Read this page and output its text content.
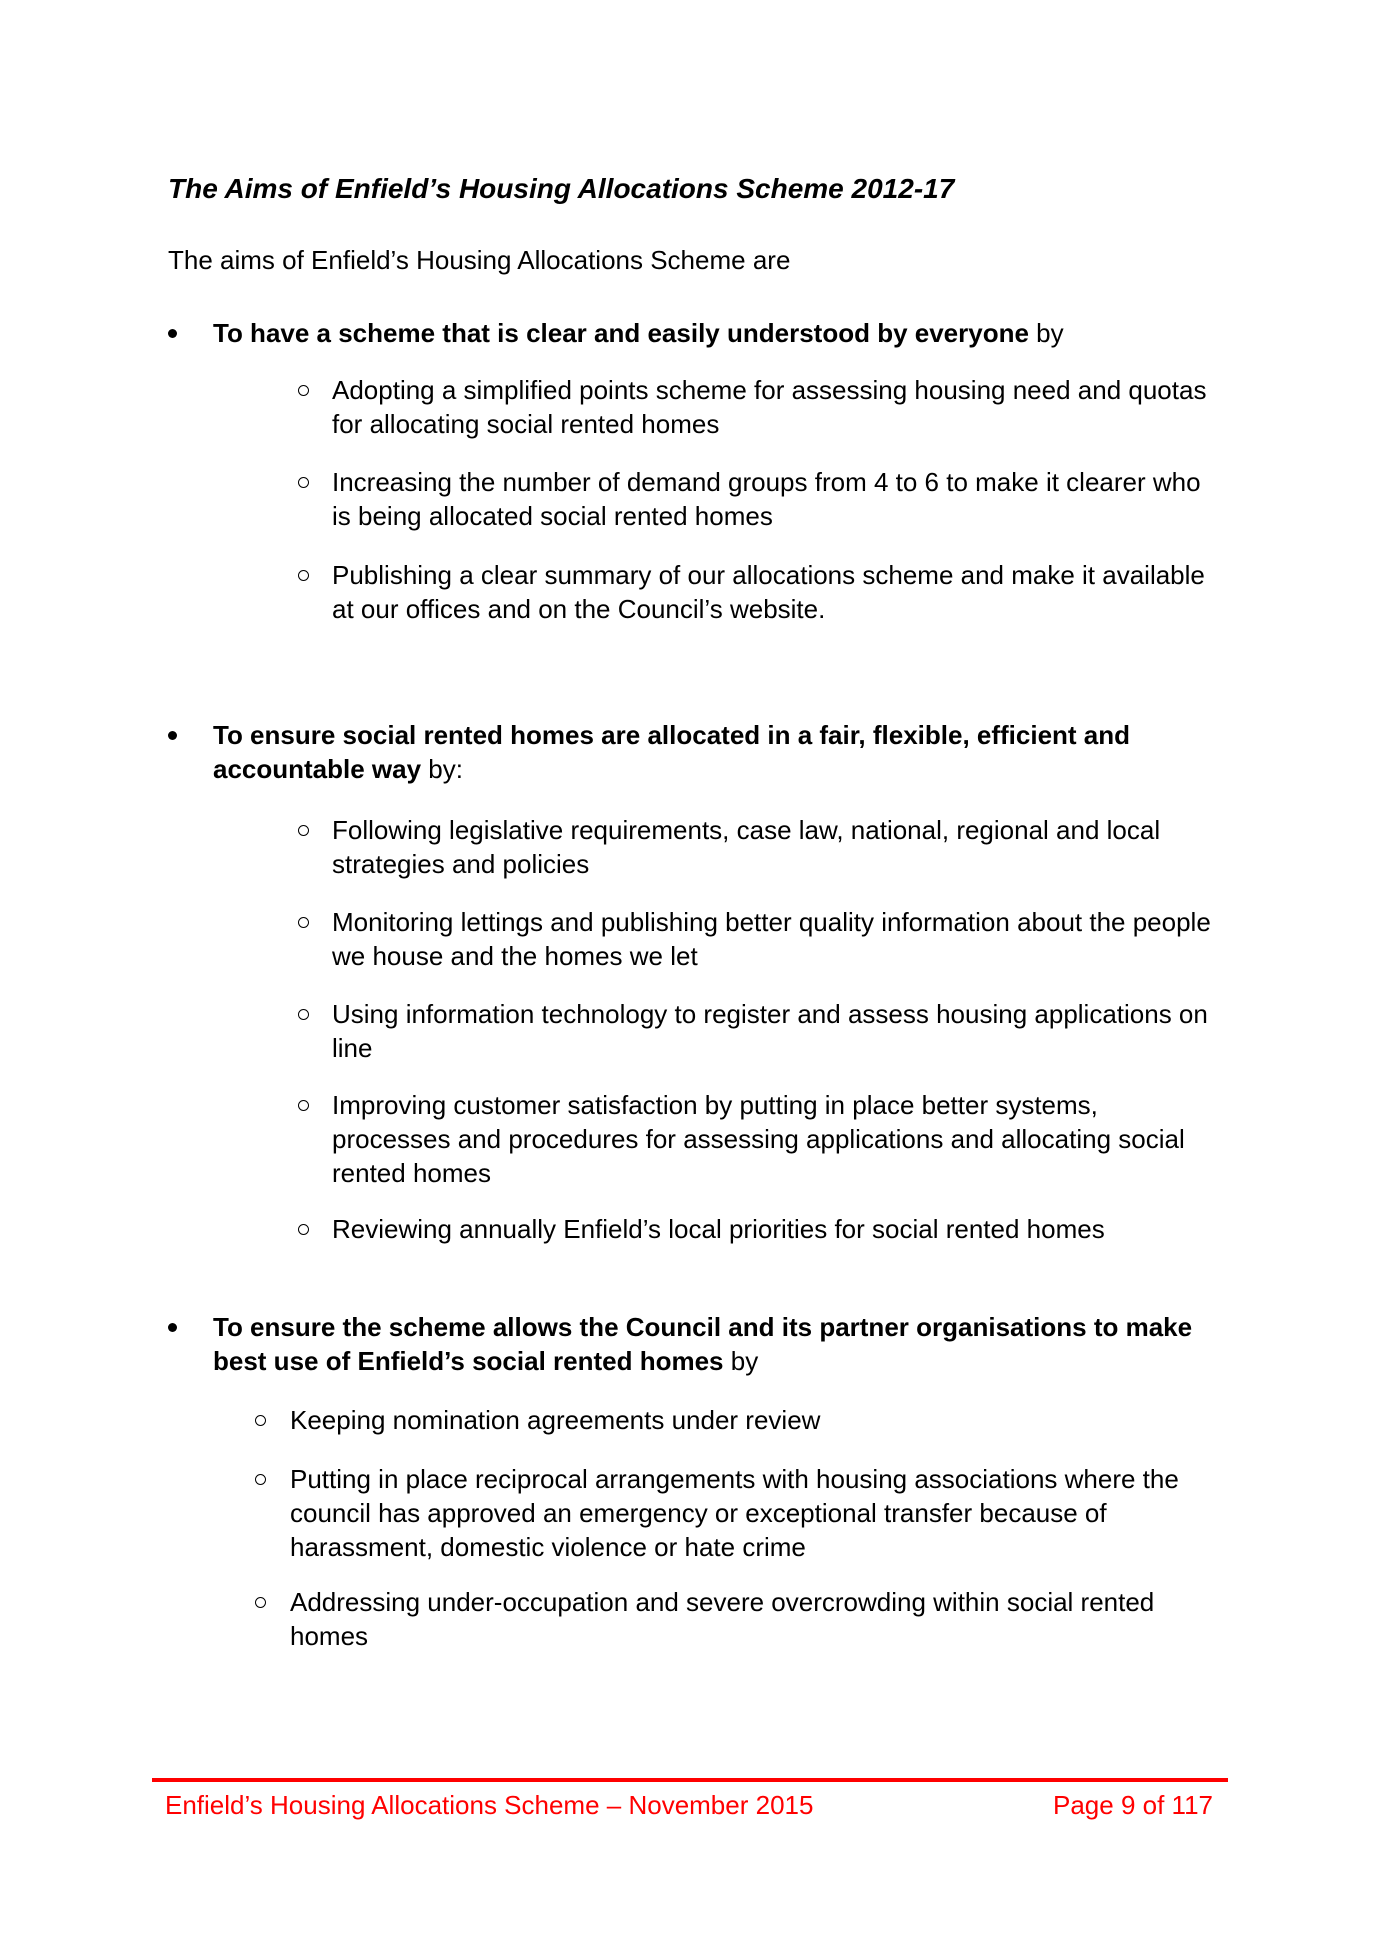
The Aims of Enfield’s Housing Allocations Scheme 2012-17

The aims of Enfield’s Housing Allocations Scheme are

To have a scheme that is clear and easily understood by everyone by
Adopting a simplified points scheme for assessing housing need and quotas for allocating social rented homes
Increasing the number of demand groups from 4 to 6 to make it clearer who is being allocated social rented homes
Publishing a clear summary of our allocations scheme and make it available at our offices and on the Council’s website.
To ensure social rented homes are allocated in a fair, flexible, efficient and accountable way by:
Following legislative requirements, case law, national, regional and local strategies and policies
Monitoring lettings and publishing better quality information about the people we house and the homes we let
Using information technology to register and assess housing applications on line
Improving customer satisfaction by putting in place better systems, processes and procedures for assessing applications and allocating social rented homes
Reviewing annually Enfield’s local priorities for social rented homes
To ensure the scheme allows the Council and its partner organisations to make best use of Enfield’s social rented homes by
Keeping nomination agreements under review
Putting in place reciprocal arrangements with housing associations where the council has approved an emergency or exceptional transfer because of harassment, domestic violence or hate crime
Addressing under-occupation and severe overcrowding within social rented homes
Enfield’s Housing Allocations Scheme – November 2015	Page 9 of 117
